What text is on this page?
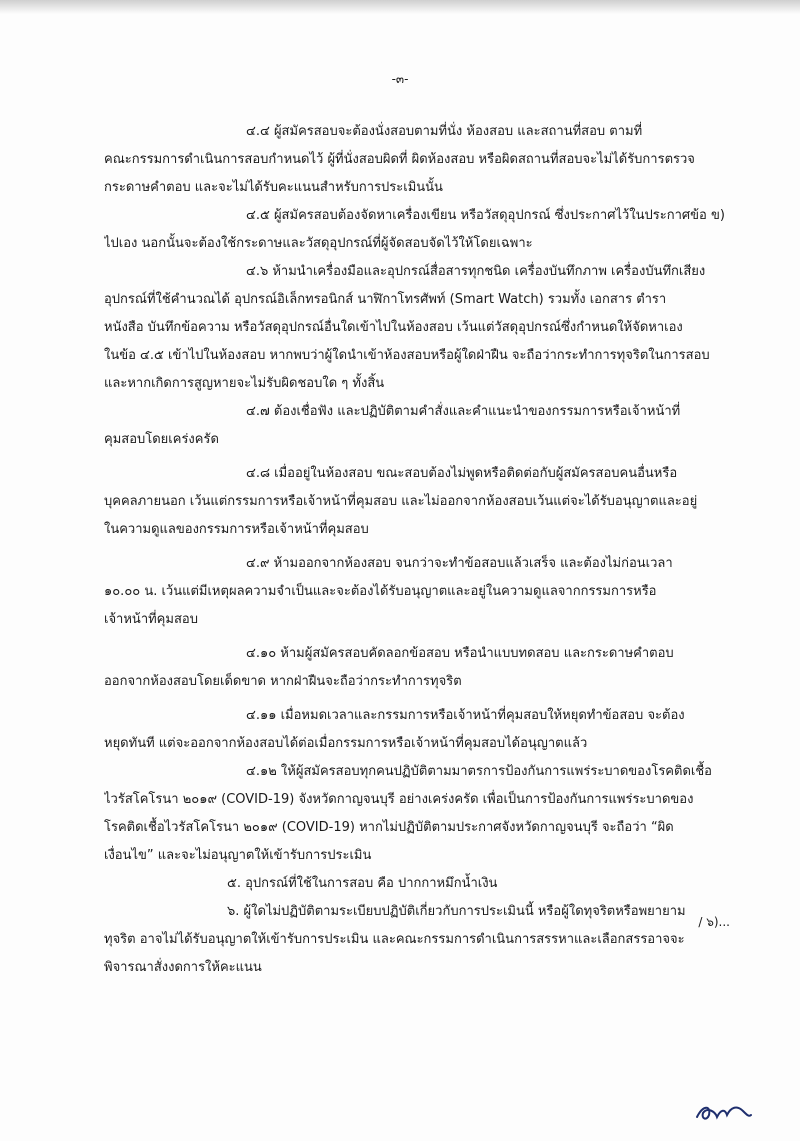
-๓-
๔.๔ ผู้สมัครสอบจะต้องนั่งสอบตามที่นั่ง ห้องสอบ และสถานที่สอบ ตามที่
คณะกรรมการดำเนินการสอบกำหนดไว้ ผู้ที่นั่งสอบผิดที่ ผิดห้องสอบ หรือผิดสถานที่สอบจะไม่ได้รับการตรวจ
กระดาษคำตอบ และจะไม่ได้รับคะแนนสำหรับการประเมินนั้น
๔.๕ ผู้สมัครสอบต้องจัดหาเครื่องเขียน หรือวัสดุอุปกรณ์ ซึ่งประกาศไว้ในประกาศข้อ ข)
ไปเอง นอกนั้นจะต้องใช้กระดาษและวัสดุอุปกรณ์ที่ผู้จัดสอบจัดไว้ให้โดยเฉพาะ
๔.๖ ห้ามนำเครื่องมือและอุปกรณ์สื่อสารทุกชนิด เครื่องบันทึกภาพ เครื่องบันทึกเสียง
อุปกรณ์ที่ใช้คำนวณได้ อุปกรณ์อิเล็กทรอนิกส์ นาฬิกาโทรศัพท์ (Smart Watch) รวมทั้ง เอกสาร ตำรา
หนังสือ บันทึกข้อความ หรือวัสดุอุปกรณ์อื่นใดเข้าไปในห้องสอบ เว้นแต่วัสดุอุปกรณ์ซึ่งกำหนดให้จัดหาเอง
ในข้อ ๔.๕ เข้าไปในห้องสอบ หากพบว่าผู้ใดนำเข้าห้องสอบหรือผู้ใดฝ่าฝืน จะถือว่ากระทำการทุจริตในการสอบ
และหากเกิดการสูญหายจะไม่รับผิดชอบใด ๆ ทั้งสิ้น
๔.๗ ต้องเชื่อฟัง และปฏิบัติตามคำสั่งและคำแนะนำของกรรมการหรือเจ้าหน้าที่
คุมสอบโดยเคร่งครัด
๔.๘ เมื่ออยู่ในห้องสอบ ขณะสอบต้องไม่พูดหรือติดต่อกับผู้สมัครสอบคนอื่นหรือ
บุคคลภายนอก เว้นแต่กรรมการหรือเจ้าหน้าที่คุมสอบ และไม่ออกจากห้องสอบเว้นแต่จะได้รับอนุญาตและอยู่
ในความดูแลของกรรมการหรือเจ้าหน้าที่คุมสอบ
๔.๙ ห้ามออกจากห้องสอบ จนกว่าจะทำข้อสอบแล้วเสร็จ และต้องไม่ก่อนเวลา
๑๐.๐๐ น. เว้นแต่มีเหตุผลความจำเป็นและจะต้องได้รับอนุญาตและอยู่ในความดูแลจากกรรมการหรือ
เจ้าหน้าที่คุมสอบ
๔.๑๐ ห้ามผู้สมัครสอบคัดลอกข้อสอบ หรือนำแบบทดสอบ และกระดาษคำตอบ
ออกจากห้องสอบโดยเด็ดขาด หากฝ่าฝืนจะถือว่ากระทำการทุจริต
๔.๑๑ เมื่อหมดเวลาและกรรมการหรือเจ้าหน้าที่คุมสอบให้หยุดทำข้อสอบ จะต้อง
หยุดทันที แต่จะออกจากห้องสอบได้ต่อเมื่อกรรมการหรือเจ้าหน้าที่คุมสอบได้อนุญาตแล้ว
๔.๑๒ ให้ผู้สมัครสอบทุกคนปฏิบัติตามมาตรการป้องกันการแพร่ระบาดของโรคติดเชื้อ
ไวรัสโคโรนา ๒๐๑๙ (COVID-19) จังหวัดกาญจนบุรี อย่างเคร่งครัด เพื่อเป็นการป้องกันการแพร่ระบาดของ
โรคติดเชื้อไวรัสโคโรนา ๒๐๑๙ (COVID-19) หากไม่ปฏิบัติตามประกาศจังหวัดกาญจนบุรี จะถือว่า “ผิด
เงื่อนไข” และจะไม่อนุญาตให้เข้ารับการประเมิน
๕. อุปกรณ์ที่ใช้ในการสอบ คือ ปากกาหมึกน้ำเงิน
๖. ผู้ใดไม่ปฏิบัติตามระเบียบปฏิบัติเกี่ยวกับการประเมินนี้ หรือผู้ใดทุจริตหรือพยายาม
ทุจริต อาจไม่ได้รับอนุญาตให้เข้ารับการประเมิน และคณะกรรมการดำเนินการสรรหาและเลือกสรรอาจจะ
พิจารณาสั่งงดการให้คะแนน
/ ๖)...
